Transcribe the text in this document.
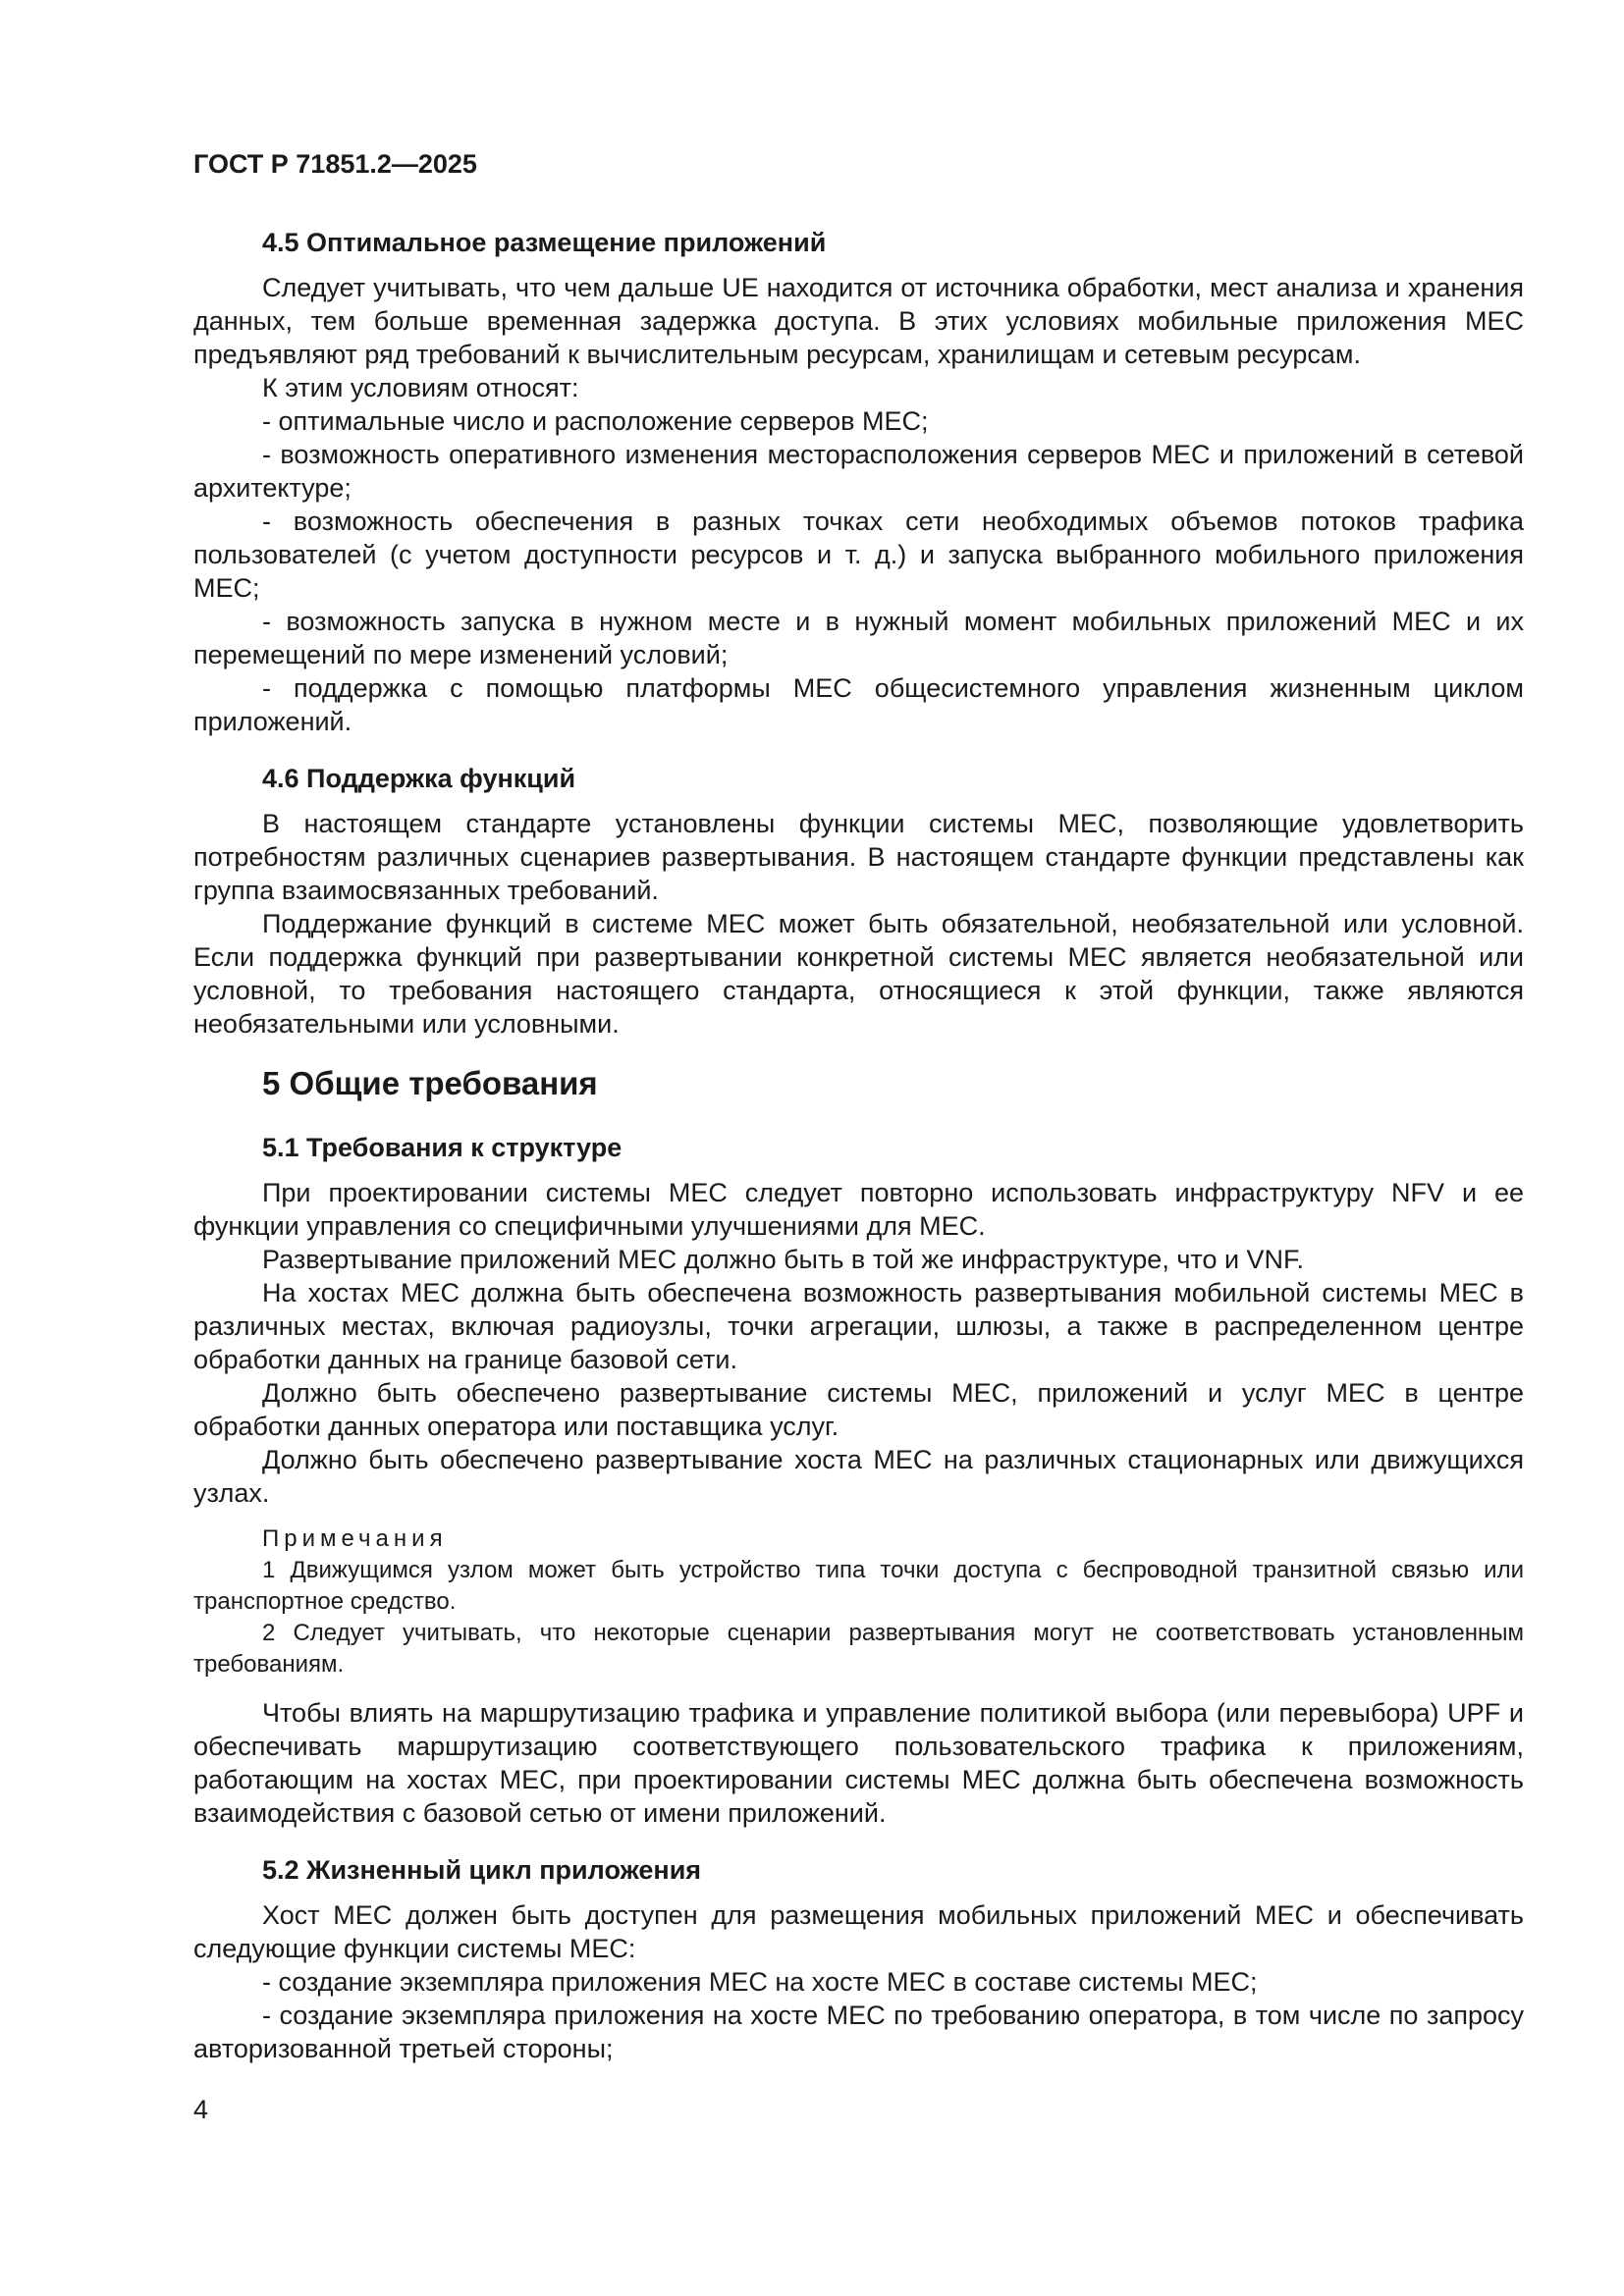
ГОСТ Р 71851.2—2025
4.5 Оптимальное размещение приложений

Следует учитывать, что чем дальше UE находится от источника обработки, мест анализа и хранения данных, тем больше временная задержка доступа. В этих условиях мобильные приложения МЕС предъявляют ряд требований к вычислительным ресурсам, хранилищам и сетевым ресурсам.

К этим условиям относят:

- оптимальные число и расположение серверов МЕС;

- возможность оперативного изменения месторасположения серверов МЕС и приложений в сетевой архитектуре;

- возможность обеспечения в разных точках сети необходимых объемов потоков трафика пользователей (с учетом доступности ресурсов и т. д.) и запуска выбранного мобильного приложения МЕС;

- возможность запуска в нужном месте и в нужный момент мобильных приложений МЕС и их перемещений по мере изменений условий;

- поддержка с помощью платформы МЕС общесистемного управления жизненным циклом приложений.

4.6 Поддержка функций

В настоящем стандарте установлены функции системы МЕС, позволяющие удовлетворить потребностям различных сценариев развертывания. В настоящем стандарте функции представлены как группа взаимосвязанных требований.

Поддержание функций в системе МЕС может быть обязательной, необязательной или условной. Если поддержка функций при развертывании конкретной системы МЕС является необязательной или условной, то требования настоящего стандарта, относящиеся к этой функции, также являются необязательными или условными.

5 Общие требования
5.1 Требования к структуре

При проектировании системы МЕС следует повторно использовать инфраструктуру NFV и ее функции управления со специфичными улучшениями для МЕС.

Развертывание приложений МЕС должно быть в той же инфраструктуре, что и VNF.

На хостах МЕС должна быть обеспечена возможность развертывания мобильной системы МЕС в различных местах, включая радиоузлы, точки агрегации, шлюзы, а также в распределенном центре обработки данных на границе базовой сети.

Должно быть обеспечено развертывание системы МЕС, приложений и услуг МЕС в центре обработки данных оператора или поставщика услуг.

Должно быть обеспечено развертывание хоста МЕС на различных стационарных или движущихся узлах.

Примечания

1 Движущимся узлом может быть устройство типа точки доступа с беспроводной транзитной связью или транспортное средство.

2 Следует учитывать, что некоторые сценарии развертывания могут не соответствовать установленным требованиям.

Чтобы влиять на маршрутизацию трафика и управление политикой выбора (или перевыбора) UPF и обеспечивать маршрутизацию соответствующего пользовательского трафика к приложениям, работающим на хостах МЕС, при проектировании системы МЕС должна быть обеспечена возможность взаимодействия с базовой сетью от имени приложений.

5.2 Жизненный цикл приложения

Хост МЕС должен быть доступен для размещения мобильных приложений МЕС и обеспечивать следующие функции системы МЕС:

- создание экземпляра приложения МЕС на хосте МЕС в составе системы МЕС;

- создание экземпляра приложения на хосте МЕС по требованию оператора, в том числе по запросу авторизованной третьей стороны;

4
